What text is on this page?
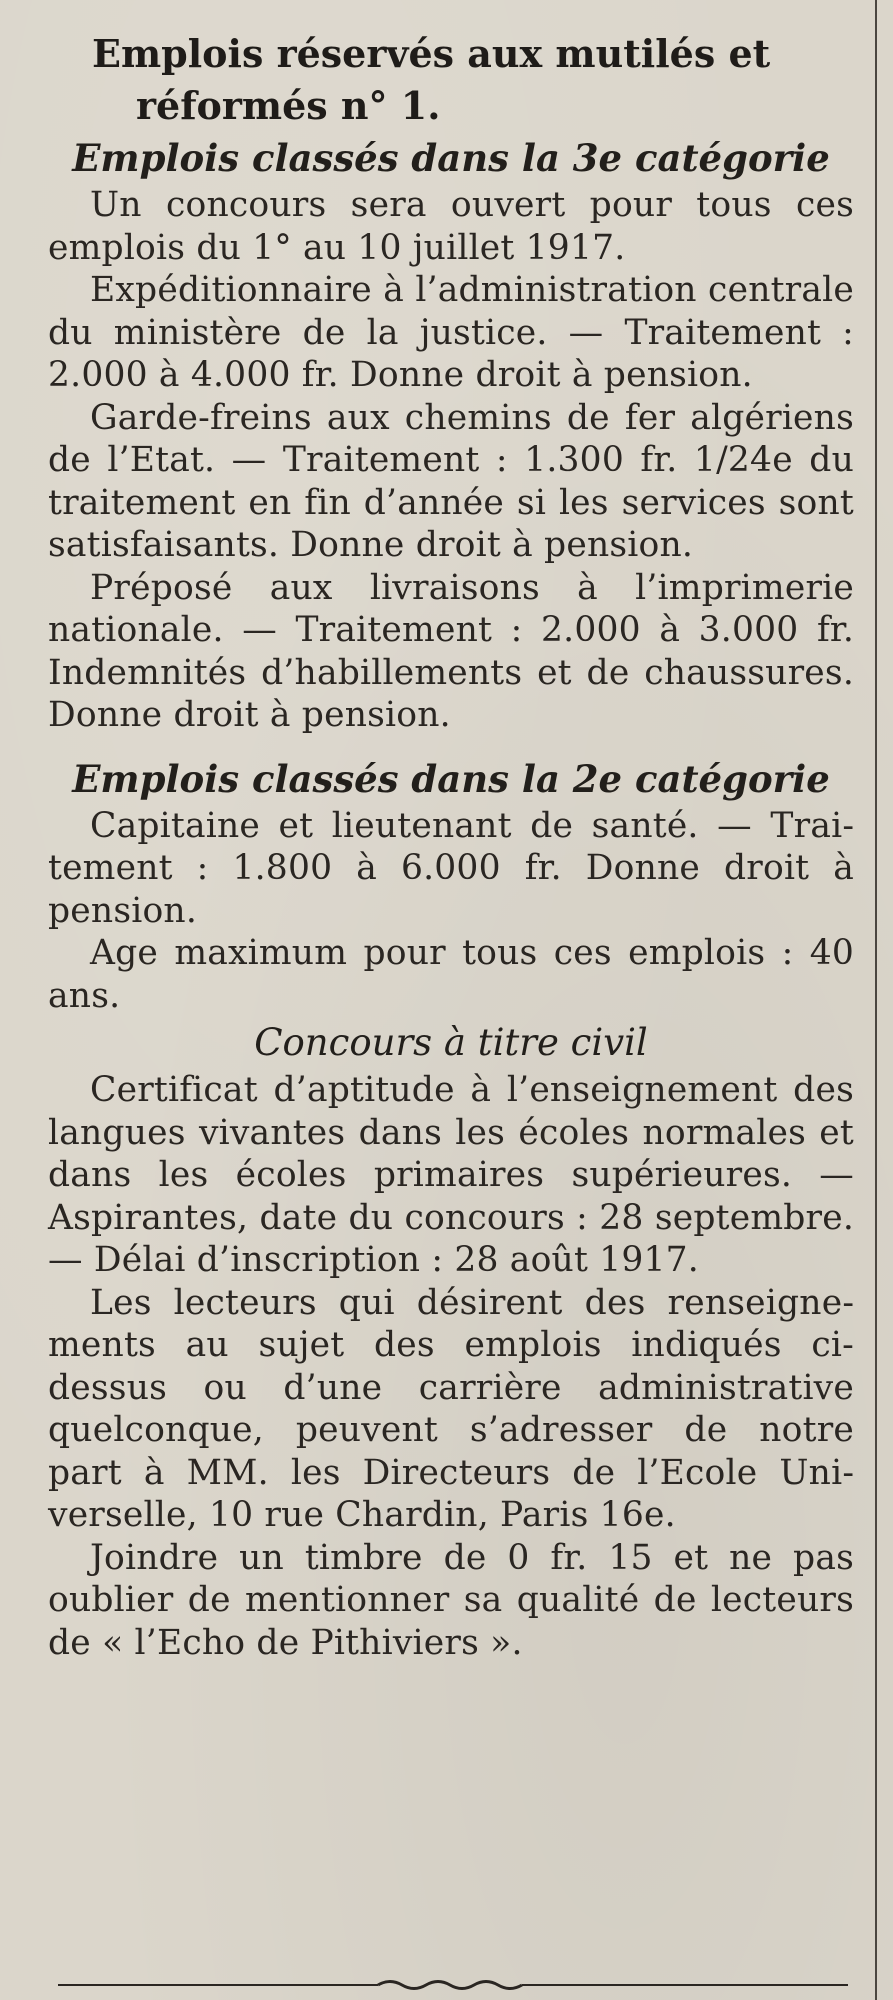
Emplois réservés aux mutilés et
réformés n° 1.
Emplois classés dans la 3e catégorie

Un concours sera ouvert pour tous ces emplois du 1° au 10 juillet 1917.

Expéditionnaire à l’administration centrale du ministère de la justice. — Traitement : 2.000 à 4.000 fr. Donne droit à pension.

Garde-freins aux chemins de fer algériens de l’Etat. — Traitement : 1.300 fr. 1/24e du traitement en fin d’année si les services sont satisfaisants. Donne droit à pension.

Préposé aux livraisons à l’imprimerie nationale. — Traitement : 2.000 à 3.000 fr. Indemnités d’habillements et de chaussures. Donne droit à pension.

Emplois classés dans la 2e catégorie

Capitaine et lieutenant de santé. — Traitement : 1.800 à 6.000 fr. Donne droit à pension.

Age maximum pour tous ces emplois : 40 ans.

Concours à titre civil

Certificat d’aptitude à l’enseignement des langues vivantes dans les écoles normales et dans les écoles primaires supérieures. — Aspirantes, date du concours : 28 septembre. — Délai d’inscription : 28 août 1917.

Les lecteurs qui désirent des renseignements au sujet des emplois indiqués ci-dessus ou d’une carrière administrative quelconque, peuvent s’adresser de notre part à MM. les Directeurs de l’Ecole Universelle, 10 rue Chardin, Paris 16e.

Joindre un timbre de 0 fr. 15 et ne pas oublier de mentionner sa qualité de lecteurs de « l’Echo de Pithiviers ».
